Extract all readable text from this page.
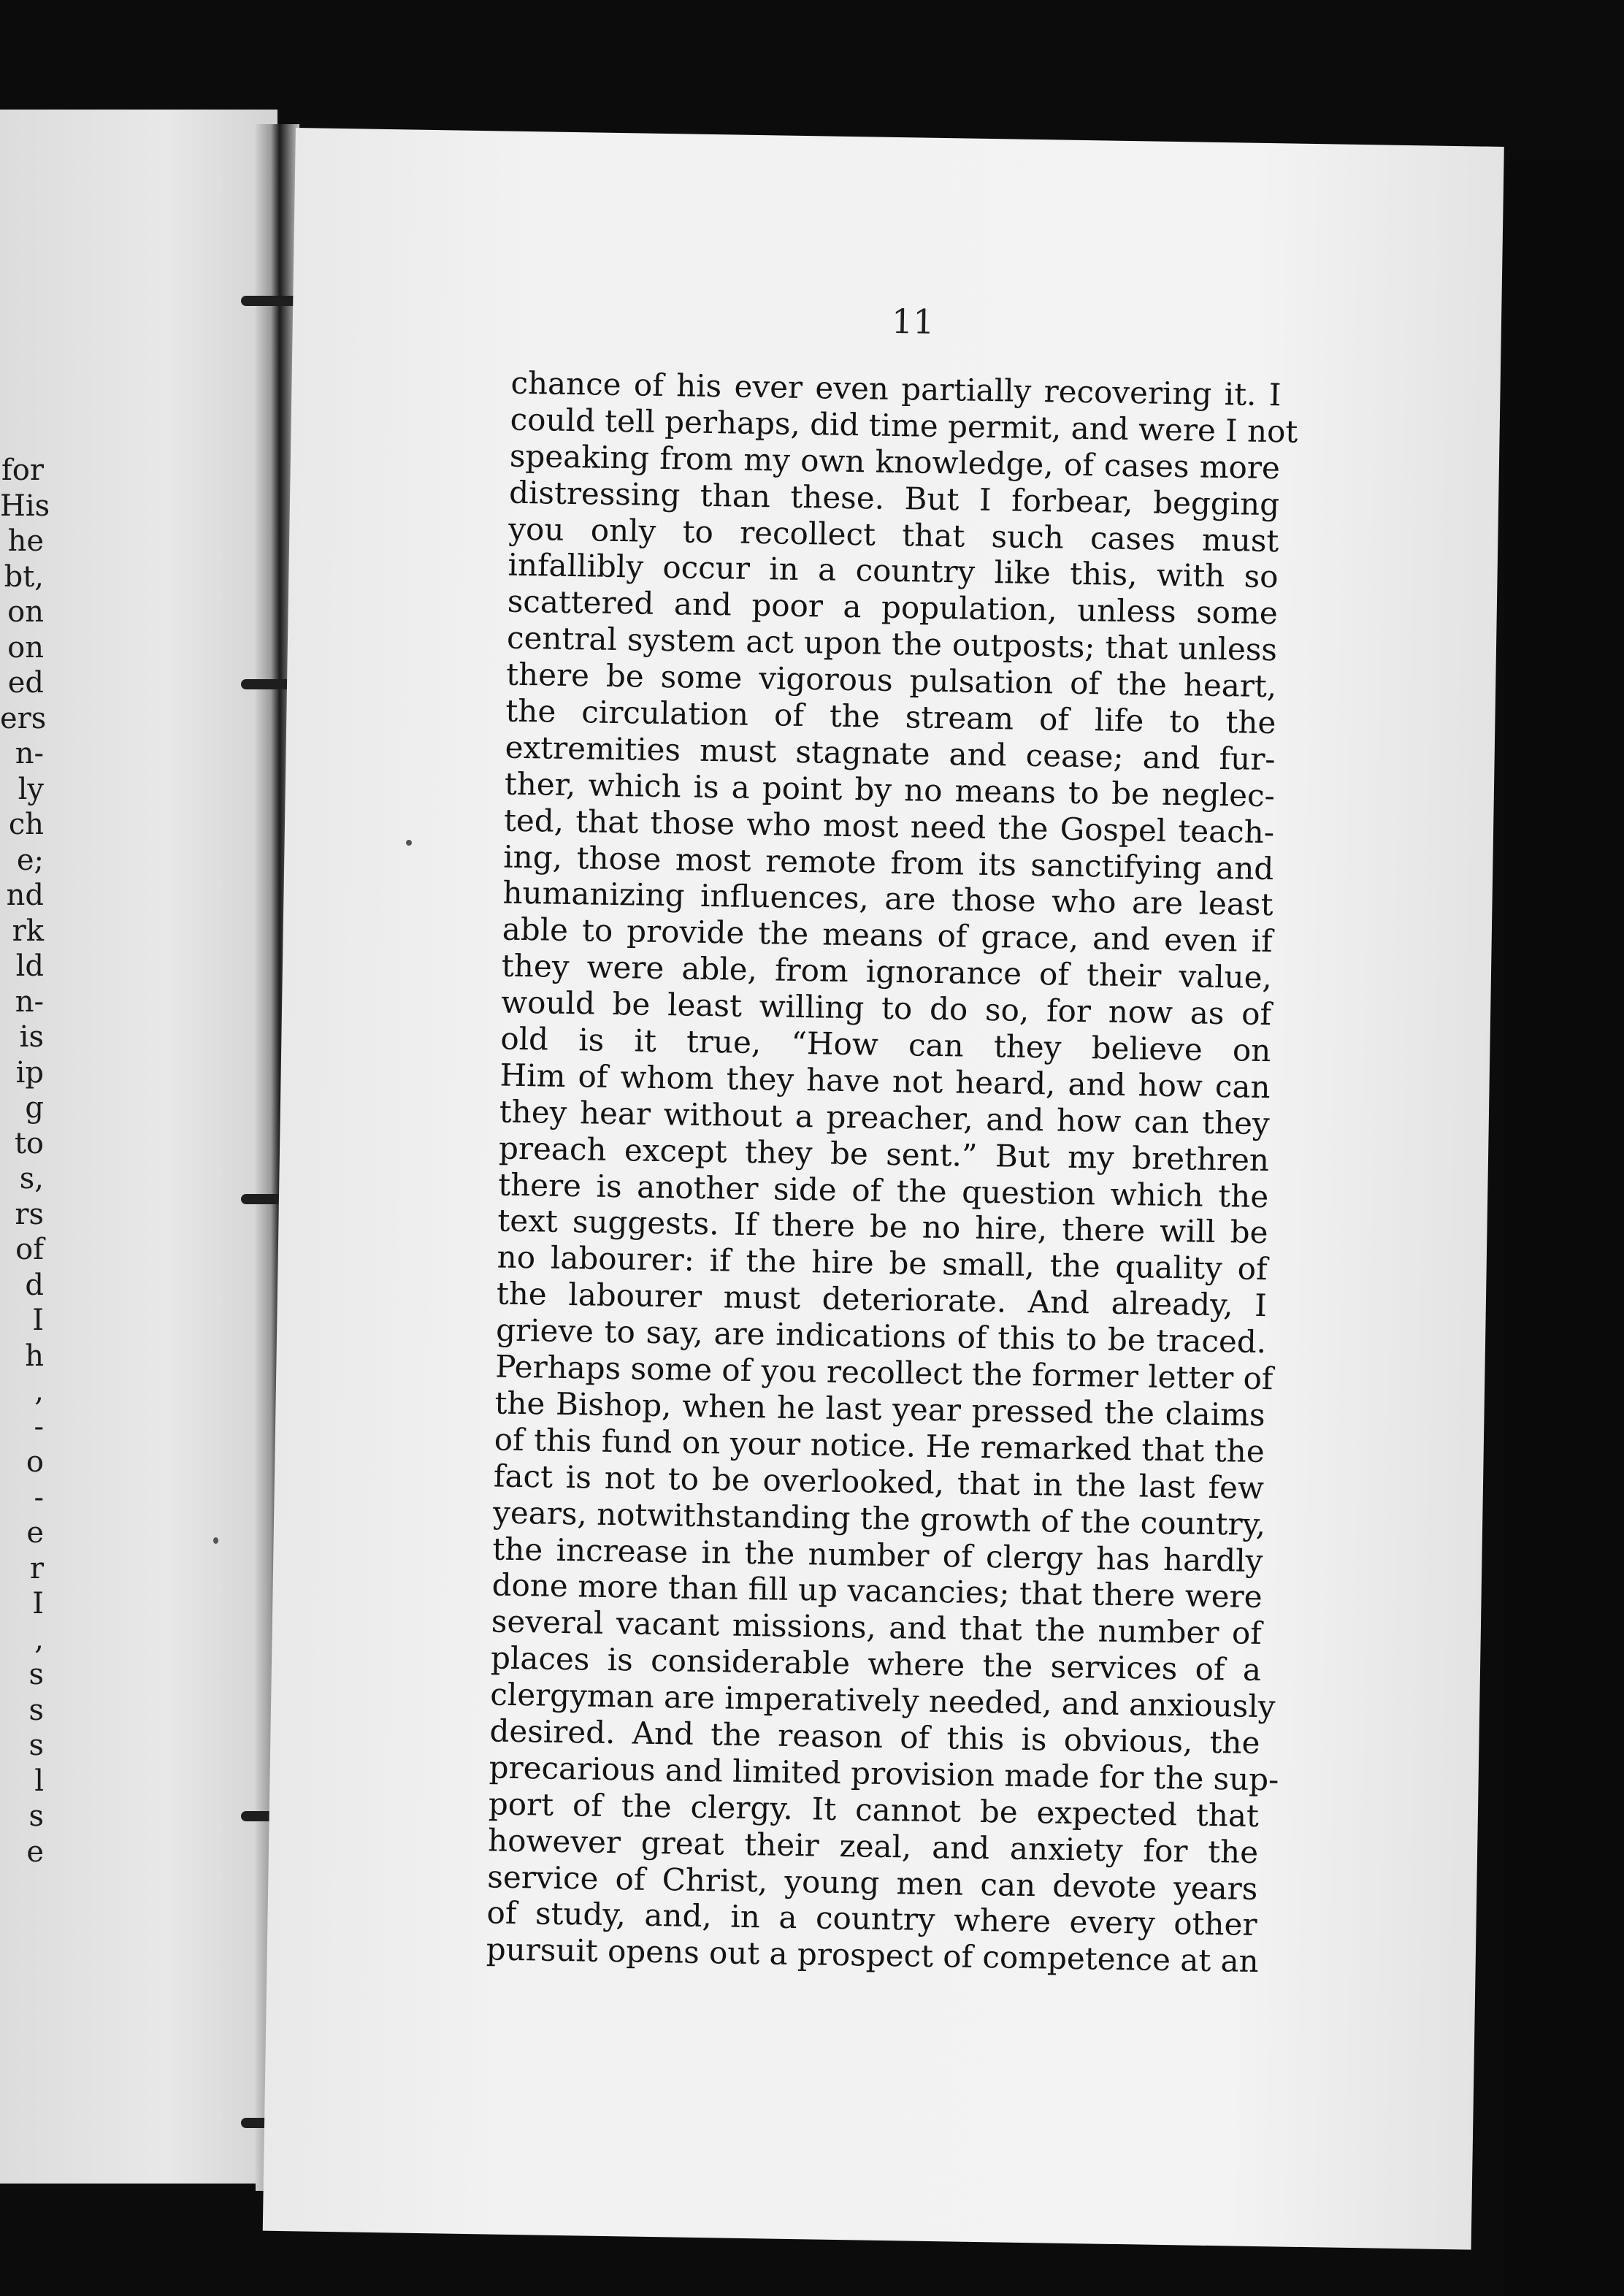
for
His
he
bt,
on
on
ed
ers
n-
ly
ch
e;
nd
rk
ld
n-
is
ip
g
to
s,
rs
of
d
I
h
,
-
o
-
e
r
I
,
s
s
s
l
s
e
11
chance of his ever even partially recovering it. I
could tell perhaps, did time permit, and were I not
speaking from my own knowledge, of cases more
distressing than these. But I forbear, begging
you only to recollect that such cases must
infallibly occur in a country like this, with so
scattered and poor a population, unless some
central system act upon the outposts; that unless
there be some vigorous pulsation of the heart,
the circulation of the stream of life to the
extremities must stagnate and cease; and fur-
ther, which is a point by no means to be neglec-
ted, that those who most need the Gospel teach-
ing, those most remote from its sanctifying and
humanizing influences, are those who are least
able to provide the means of grace, and even if
they were able, from ignorance of their value,
would be least willing to do so, for now as of
old is it true, “How can they believe on
Him of whom they have not heard, and how can
they hear without a preacher, and how can they
preach except they be sent.” But my brethren
there is another side of the question which the
text suggests. If there be no hire, there will be
no labourer: if the hire be small, the quality of
the labourer must deteriorate. And already, I
grieve to say, are indications of this to be traced.
Perhaps some of you recollect the former letter of
the Bishop, when he last year pressed the claims
of this fund on your notice. He remarked that the
fact is not to be overlooked, that in the last few
years, notwithstanding the growth of the country,
the increase in the number of clergy has hardly
done more than fill up vacancies; that there were
several vacant missions, and that the number of
places is considerable where the services of a
clergyman are imperatively needed, and anxiously
desired. And the reason of this is obvious, the
precarious and limited provision made for the sup-
port of the clergy. It cannot be expected that
however great their zeal, and anxiety for the
service of Christ, young men can devote years
of study, and, in a country where every other
pursuit opens out a prospect of competence at an
